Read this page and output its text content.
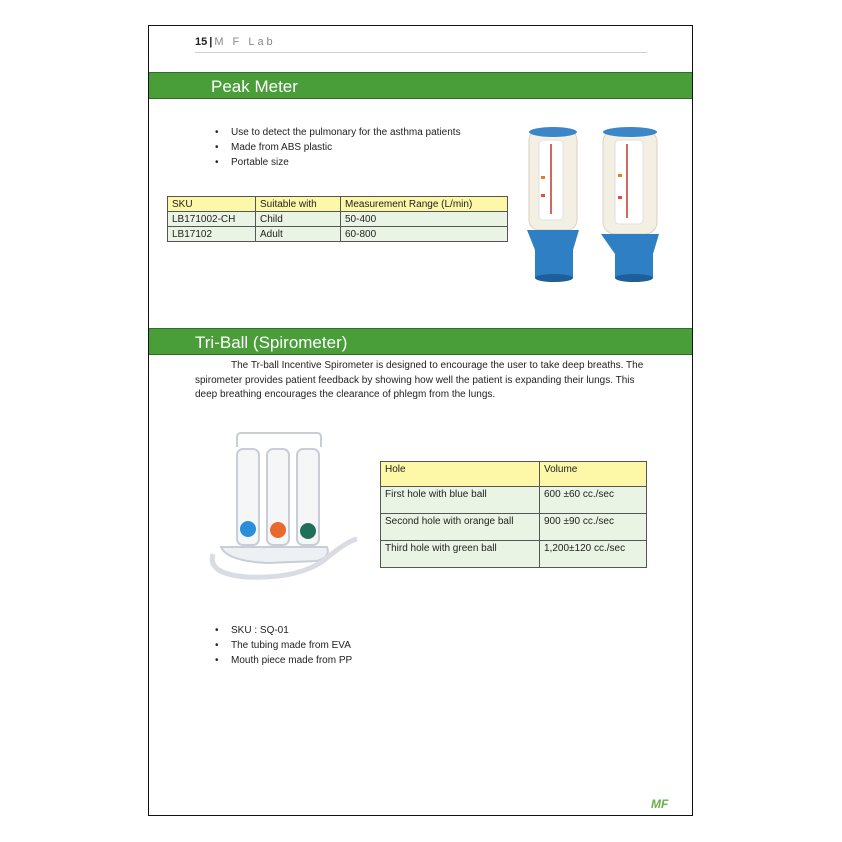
15 | M F Lab
Peak Meter
• Use to detect the pulmonary for the asthma patients
• Made from ABS plastic
• Portable size
SKU	Suitable with	Measurement Range (L/min)
LB171002-CH	Child	50-400
LB17102	Adult	60-800
Tri-Ball (Spirometer)

The Tr-ball Incentive Spirometer is designed to encourage the user to take deep breaths. The spirometer provides patient feedback by showing how well the patient is expanding their lungs. This deep breathing encourages the clearance of phlegm from the lungs.

Hole	Volume
First hole with blue ball	600 ±60 cc./sec
Second hole with orange ball	900 ±90 cc./sec
Third hole with green ball	1,200±120 cc./sec
• SKU : SQ-01
• The tubing made from EVA
• Mouth piece made from PP
MF
